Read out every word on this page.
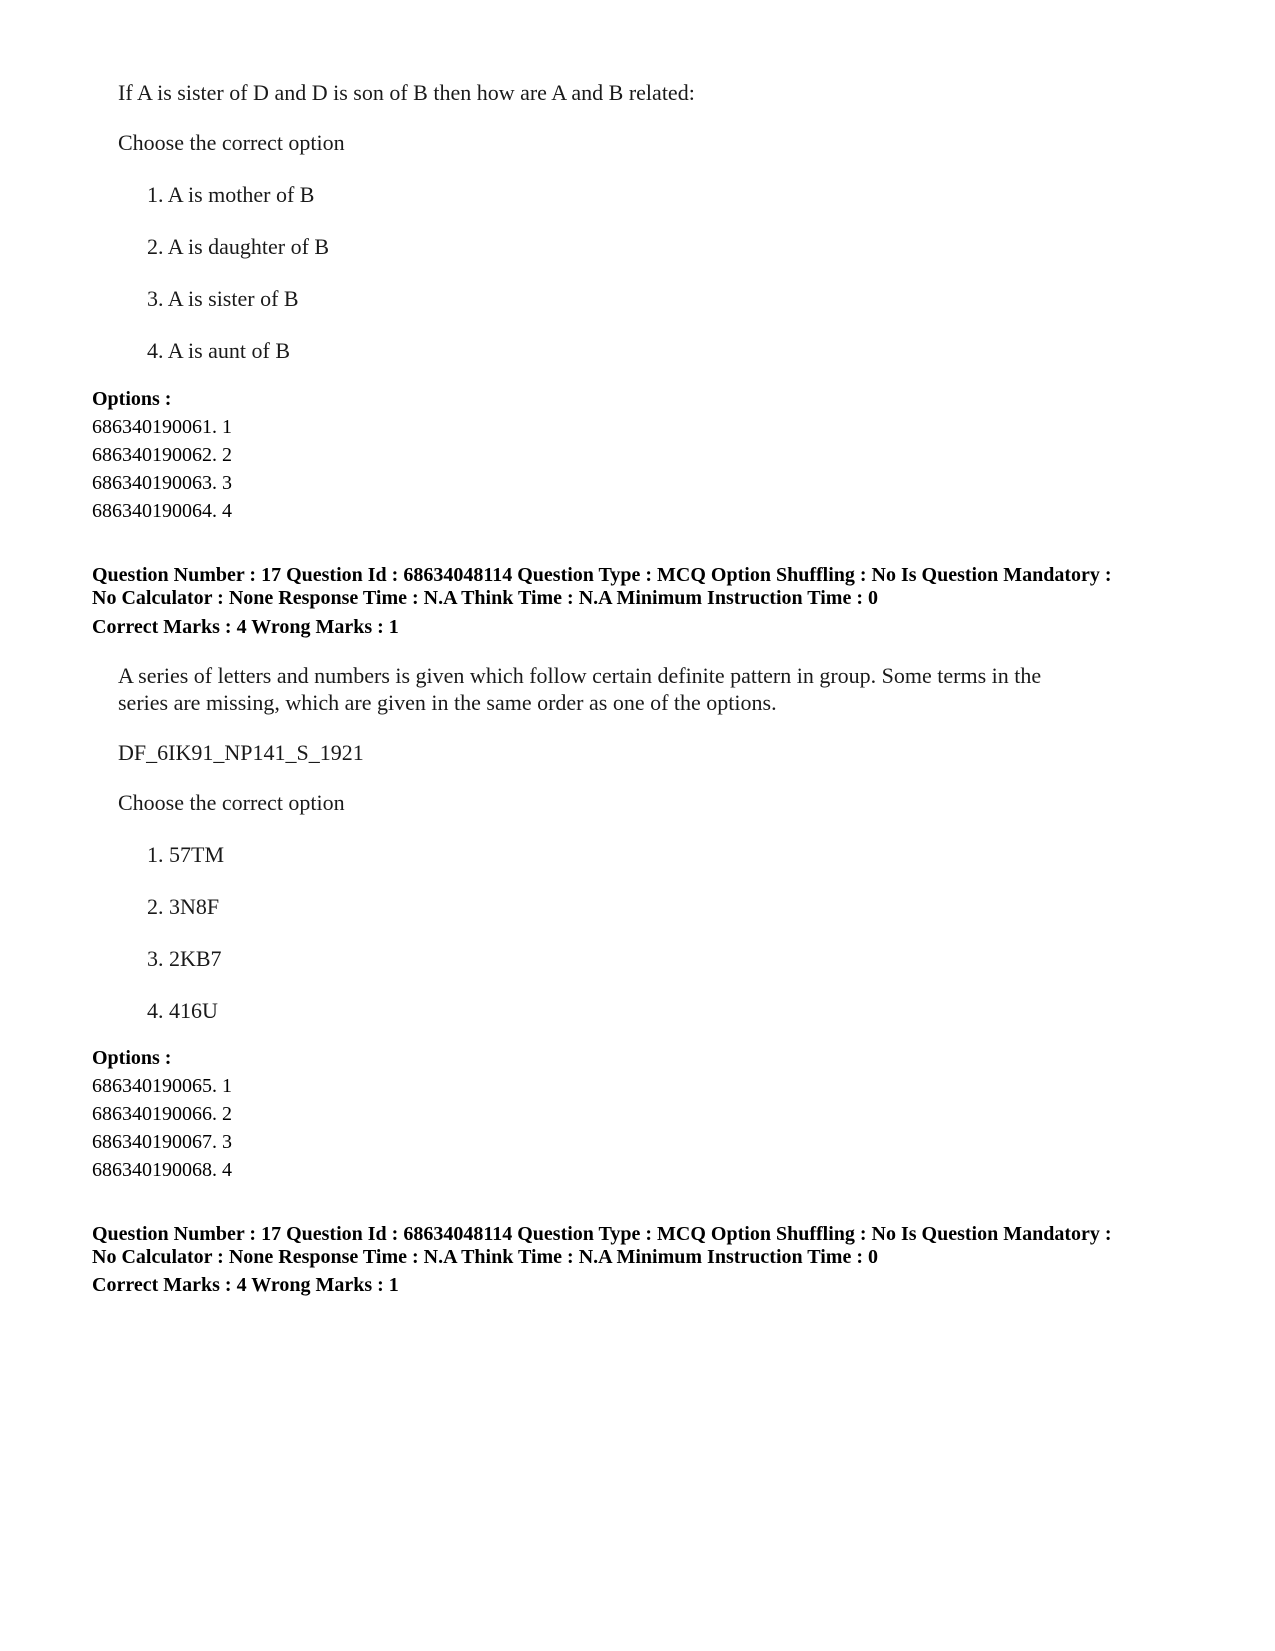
If A is sister of D and D is son of B then how are A and B related:
Choose the correct option
1. A is mother of B
2. A is daughter of B
3. A is sister of B
4. A is aunt of B
Options :
686340190061. 1
686340190062. 2
686340190063. 3
686340190064. 4
Question Number : 17 Question Id : 68634048114 Question Type : MCQ Option Shuffling : No Is Question Mandatory :
No Calculator : None Response Time : N.A Think Time : N.A Minimum Instruction Time : 0
Correct Marks : 4 Wrong Marks : 1
A series of letters and numbers is given which follow certain definite pattern in group. Some terms in the
series are missing, which are given in the same order as one of the options.
DF_6IK91_NP141_S_1921
Choose the correct option
1. 57TM
2. 3N8F
3. 2KB7
4. 416U
Options :
686340190065. 1
686340190066. 2
686340190067. 3
686340190068. 4
Question Number : 17 Question Id : 68634048114 Question Type : MCQ Option Shuffling : No Is Question Mandatory :
No Calculator : None Response Time : N.A Think Time : N.A Minimum Instruction Time : 0
Correct Marks : 4 Wrong Marks : 1
